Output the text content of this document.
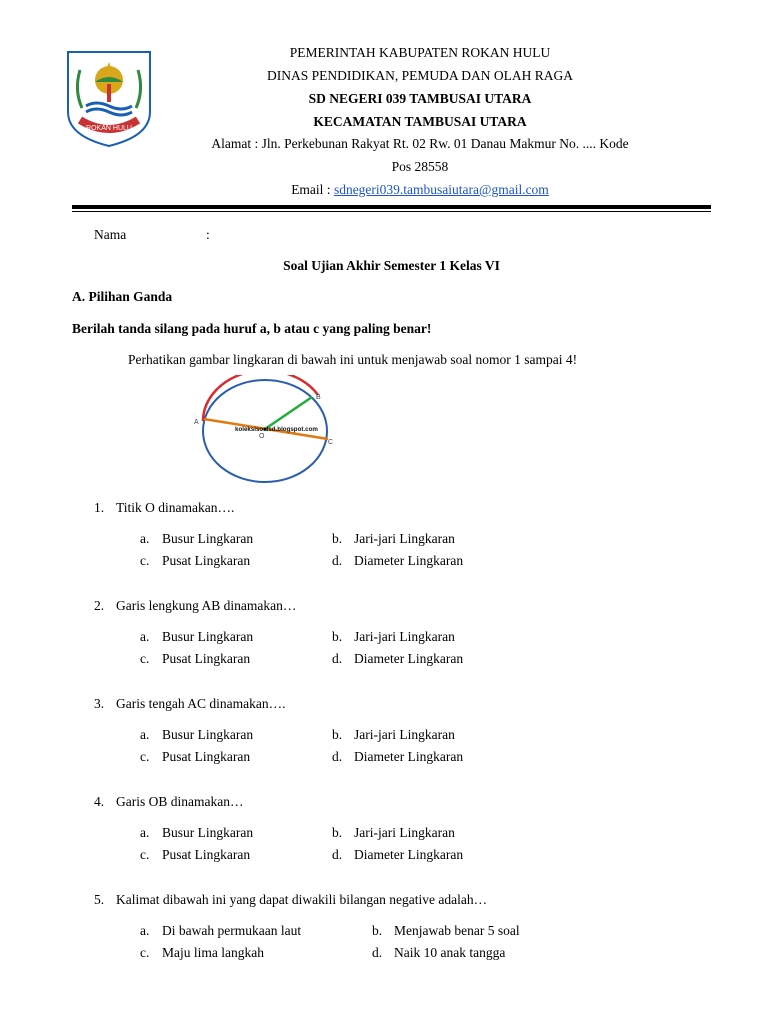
ROKAN HULU
PEMERINTAH KABUPATEN ROKAN HULU
DINAS PENDIDIKAN, PEMUDA DAN OLAH RAGA
SD NEGERI 039 TAMBUSAI UTARA
KECAMATAN TAMBUSAI UTARA
Alamat : Jln. Perkebunan Rakyat Rt. 02 Rw. 01 Danau Makmur No. .... Kode
Pos 28558
Email : sdnegeri039.tambusaiutara@gmail.com
Nama	:
Soal Ujian Akhir Semester 1 Kelas VI
A. Pilihan Ganda
Berilah tanda silang pada huruf a, b atau c yang paling benar!
Perhatikan gambar lingkaran di bawah ini untuk menjawab soal nomor 1 sampai 4!
A
B
C
O
koleksisoalsd.blogspot.com
1. Titik O dinamakan….
a. Busur Lingkaran	b. Jari-jari Lingkaran
c. Pusat Lingkaran	d. Diameter Lingkaran
2. Garis lengkung AB dinamakan…
a. Busur Lingkaran	b. Jari-jari Lingkaran
c. Pusat Lingkaran	d. Diameter Lingkaran
3. Garis tengah AC dinamakan….
a. Busur Lingkaran	b. Jari-jari Lingkaran
c. Pusat Lingkaran	d. Diameter Lingkaran
4. Garis OB dinamakan…
a. Busur Lingkaran	b. Jari-jari Lingkaran
c. Pusat Lingkaran	d. Diameter Lingkaran
5. Kalimat dibawah ini yang dapat diwakili bilangan negative adalah…
a. Di bawah permukaan laut	b. Menjawab benar 5 soal
c. Maju lima langkah	d. Naik 10 anak tangga
